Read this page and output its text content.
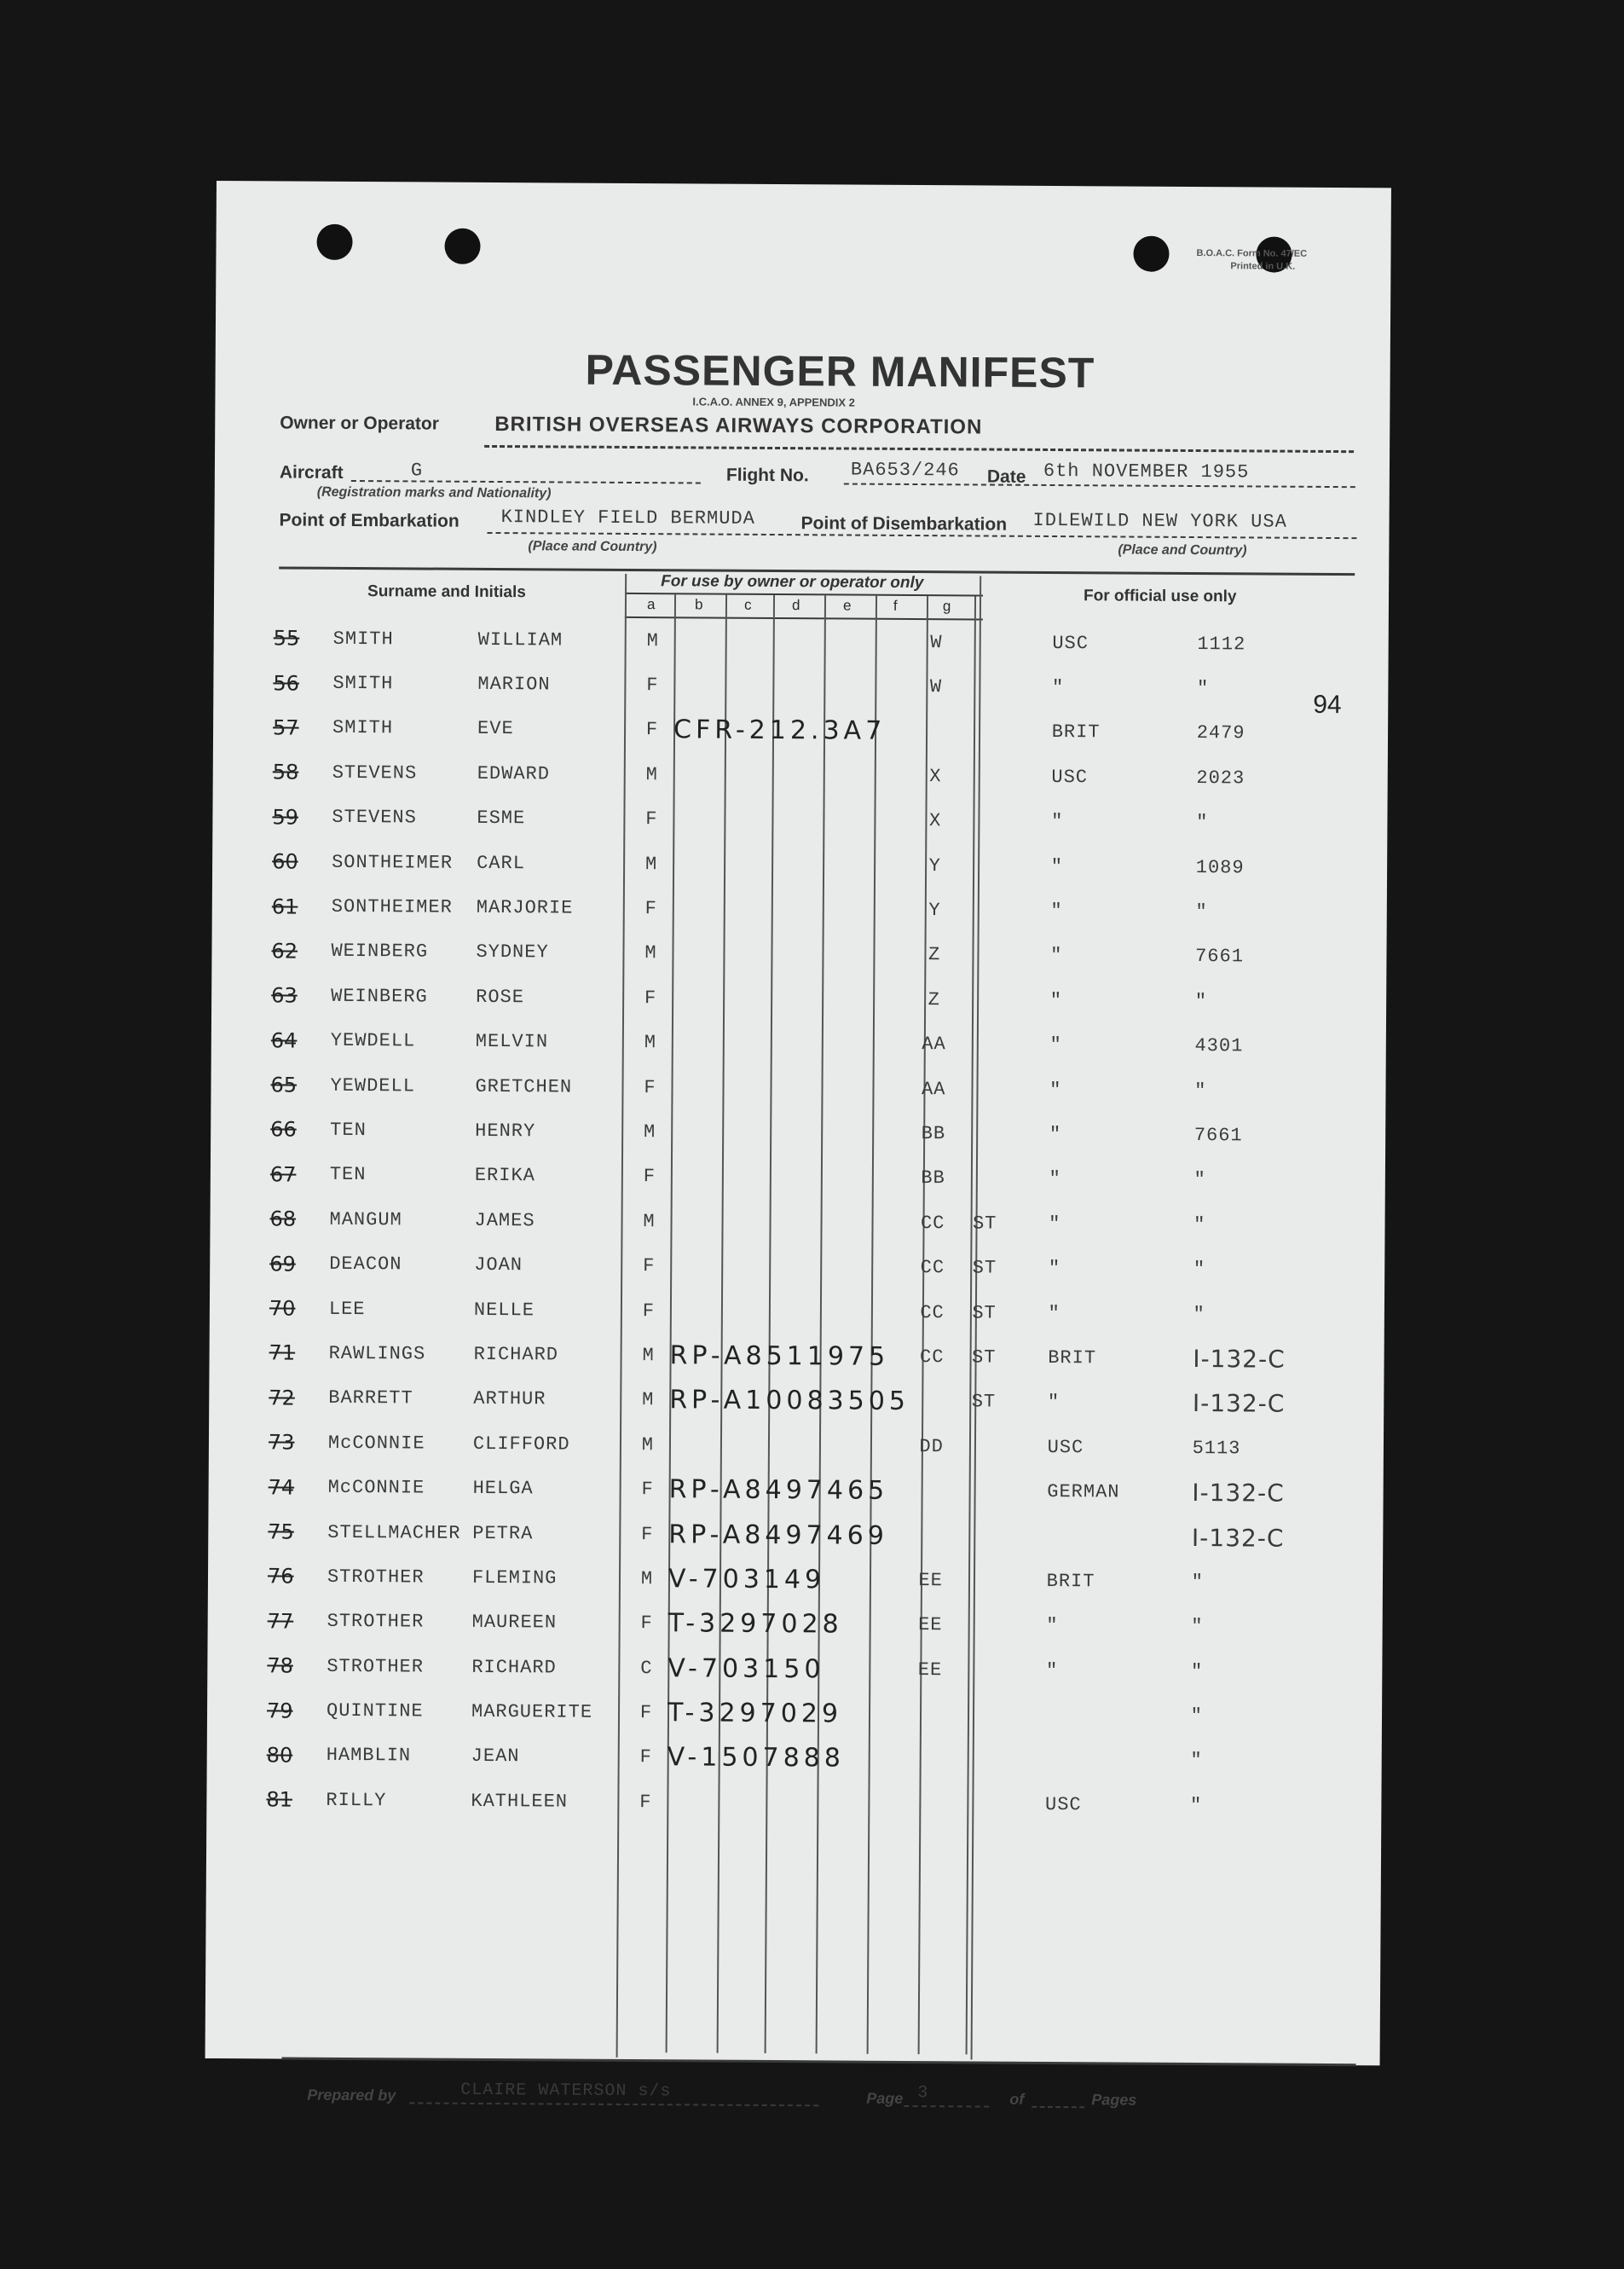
B.O.A.C. Form No. 47/EC
Printed in U.K.
PASSENGER MANIFEST
I.C.A.O. ANNEX 9, APPENDIX 2
Owner or Operator	BRITISH OVERSEAS AIRWAYS CORPORATION
Aircraft	G
(Registration marks and Nationality)
Flight No. BA653/246 Date 6th NOVEMBER 1955
Point of Embarkation KINDLEY FIELD BERMUDA
(Place and Country)
Point of Disembarkation IDLEWILD NEW YORK USA
(Place and Country)
Surname and Initials
For use by owner or operator only
For official use only
a	b	c	d	e	f	g
94
55	SMITH	WILLIAM	M		W		USC	1112
56	SMITH	MARION	F		W		"	"
57	SMITH	EVE	F	CFR-212.3A7			BRIT	2479
58	STEVENS	EDWARD	M		X		USC	2023
59	STEVENS	ESME	F		X		"	"
60	SONTHEIMER	CARL	M		Y		"	1089
61	SONTHEIMER	MARJORIE	F		Y		"	"
62	WEINBERG	SYDNEY	M		Z		"	7661
63	WEINBERG	ROSE	F		Z		"	"
64	YEWDELL	MELVIN	M		AA		"	4301
65	YEWDELL	GRETCHEN	F		AA		"	"
66	TEN	HENRY	M		BB		"	7661
67	TEN	ERIKA	F		BB		"	"
68	MANGUM	JAMES	M		CC	ST	"	"
69	DEACON	JOAN	F		CC	ST	"	"
70	LEE	NELLE	F		CC	ST	"	"
71	RAWLINGS	RICHARD	M	RP-A8511975	CC	ST	BRIT	I-132-C
72	BARRETT	ARTHUR	M	RP-A10083505		ST	"	I-132-C
73	McCONNIE	CLIFFORD	M		DD		USC	5113
74	McCONNIE	HELGA	F	RP-A8497465			GERMAN	I-132-C
75	STELLMACHER	PETRA	F	RP-A8497469				I-132-C
76	STROTHER	FLEMING	M	V-703149	EE		BRIT	"
77	STROTHER	MAUREEN	F	T-3297028	EE		"	"
78	STROTHER	RICHARD	C	V-703150	EE		"	"
79	QUINTINE	MARGUERITE	F	T-3297029				"
80	HAMBLIN	JEAN	F	V-1507888				"
81	RILLY	KATHLEEN	F				USC	"
Prepared by	CLAIRE WATERSON s/s	Page 3	of	Pages
